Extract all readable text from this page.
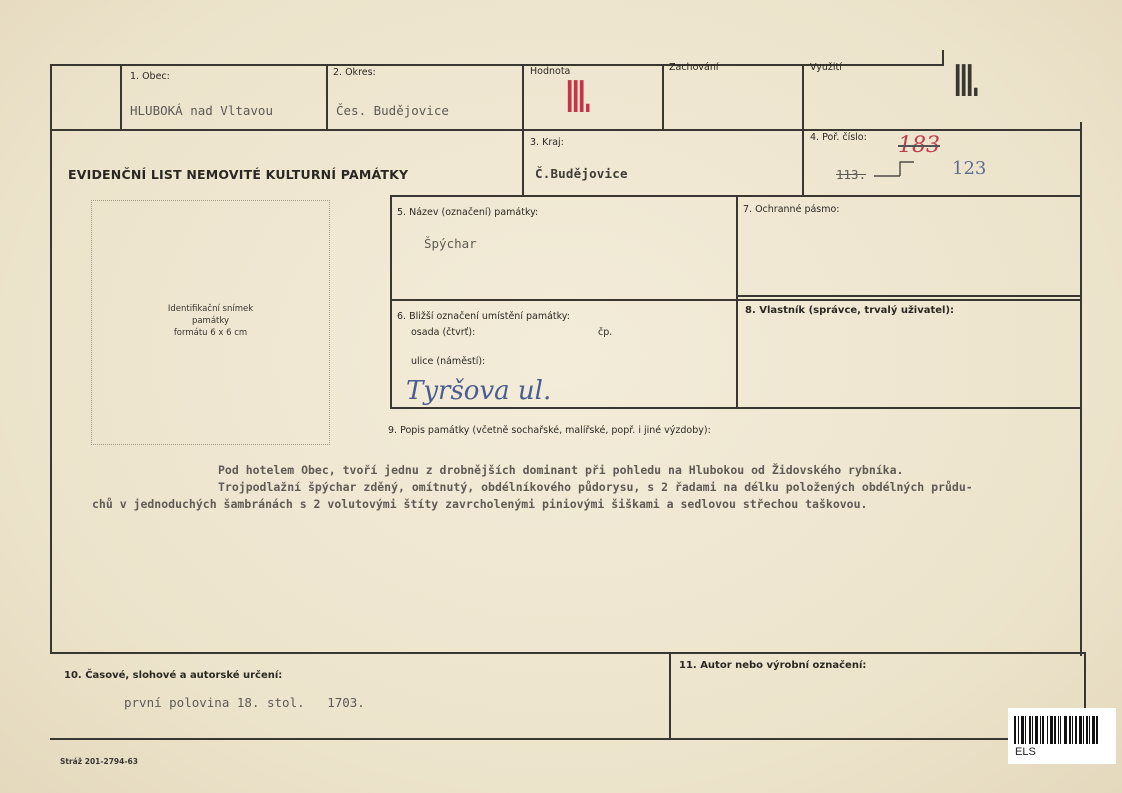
1. Obec:
HLUBOKÁ nad Vltavou
2. Okres:
Čes. Budějovice
Hodnota
III.
Zachování	Využití	III.
EVIDENČNÍ LIST NEMOVITÉ KULTURNÍ PAMÁTKY
3. Kraj:
Č.Budějovice
4. Poř. číslo:
113.
183
123
Identifikační snímek
památky
formátu 6 x 6 cm
5. Název (označení) památky:
Špýchar
7. Ochranné pásmo:
6. Bližší označení umístění památky:
osada (čtvrť):	čp.
ulice (náměstí):
Tyršova ul.
8. Vlastník (správce, trvalý uživatel):
9. Popis památky (včetně sochařské, malířské, popř. i jiné výzdoby):
Pod hotelem Obec, tvoří jednu z drobnějších dominant při pohledu na Hlubokou od Židovského rybníka.
Trojpodlažní špýchar zděný, omítnutý, obdélníkového půdorysu, s 2 řadami na délku položených obdélných průdu-
chů v jednoduchých šambránách s 2 volutovými štíty zavrcholenými piniovými šiškami a sedlovou střechou taškovou.
10. Časové, slohové a autorské určení:
první polovina 18. stol.   1703.
11. Autor nebo výrobní označení:
Stráž 201-2794-63
ELS
